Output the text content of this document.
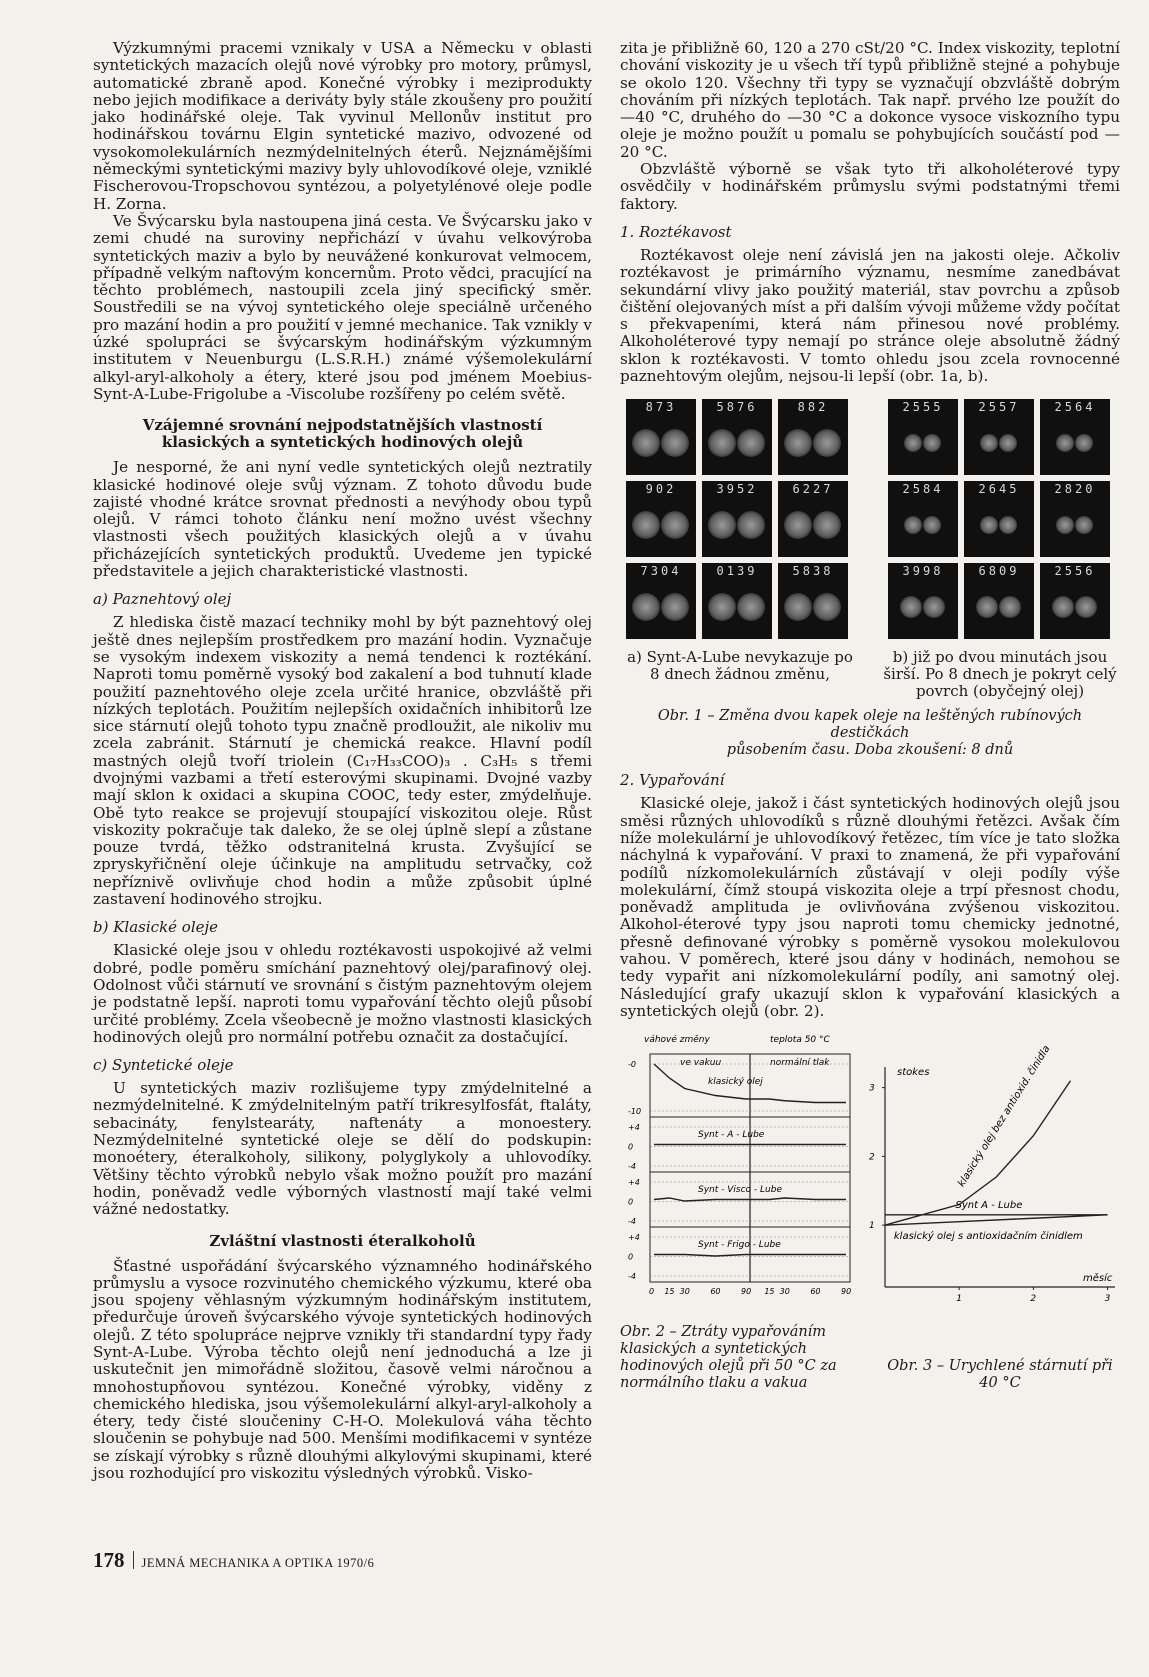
Výzkumnými pracemi vznikaly v USA a Německu v oblasti syntetických mazacích olejů nové výrobky pro motory, průmysl, automatické zbraně apod. Konečné výrobky i meziprodukty nebo jejich modifikace a deriváty byly stále zkoušeny pro použití jako hodinářské oleje. Tak vyvinul Mellonův institut pro hodinářskou továrnu Elgin syntetické mazivo, odvozené od vysokomolekulárních nezmýdelnitelných éterů. Nejznámějšími německými syntetickými mazivy byly uhlovodíkové oleje, vzniklé Fischerovou-Tropschovou syntézou, a polyetylénové oleje podle H. Zorna.

Ve Švýcarsku byla nastoupena jiná cesta. Ve Švýcarsku jako v zemi chudé na suroviny nepřichází v úvahu velkovýroba syntetických maziv a bylo by neuvážené konkurovat velmocem, případně velkým naftovým koncernům. Proto vědci, pracující na těchto problémech, nastoupili zcela jiný specifický směr. Soustředili se na vývoj syntetického oleje speciálně určeného pro mazání hodin a pro použití v jemné mechanice. Tak vznikly v úzké spolupráci se švýcarským hodinářským výzkumným institutem v Neuenburgu (L.S.R.H.) známé výšemolekulární alkyl-aryl-alkoholy a étery, které jsou pod jménem Moebius-Synt-A-Lube-Frigolube a -Viscolube rozšířeny po celém světě.

Vzájemné srovnání nejpodstatnějších vlastností
klasických a syntetických hodinových olejů

Je nesporné, že ani nyní vedle syntetických olejů neztratily klasické hodinové oleje svůj význam. Z tohoto důvodu bude zajisté vhodné krátce srovnat přednosti a nevýhody obou typů olejů. V rámci tohoto článku není možno uvést všechny vlastnosti všech použitých klasických olejů a v úvahu přicházejících syntetických produktů. Uvedeme jen typické představitele a jejich charakteristické vlastnosti.

a) Paznehtový olej

Z hlediska čistě mazací techniky mohl by být paznehtový olej ještě dnes nejlepším prostředkem pro mazání hodin. Vyznačuje se vysokým indexem viskozity a nemá tendenci k roztékání. Naproti tomu poměrně vysoký bod zakalení a bod tuhnutí klade použití paznehtového oleje zcela určité hranice, obzvláště při nízkých teplotách. Použitím nejlepších oxidačních inhibitorů lze sice stárnutí olejů tohoto typu značně prodloužit, ale nikoliv mu zcela zabránit. Stárnutí je chemická reakce. Hlavní podíl mastných olejů tvoří triolein (C₁₇H₃₃COO)₃ . C₃H₅ s třemi dvojnými vazbami a třetí esterovými skupinami. Dvojné vazby mají sklon k oxidaci a skupina COOC, tedy ester, zmýdelňuje. Obě tyto reakce se projevují stoupající viskozitou oleje. Růst viskozity pokračuje tak daleko, že se olej úplně slepí a zůstane pouze tvrdá, těžko odstranitelná krusta. Zvyšující se zpryskyřičnění oleje účinkuje na amplitudu setrvačky, což nepříznivě ovlivňuje chod hodin a může způsobit úplné zastavení hodinového strojku.

b) Klasické oleje

Klasické oleje jsou v ohledu roztékavosti uspokojivé až velmi dobré, podle poměru smíchání paznehtový olej/parafinový olej. Odolnost vůči stárnutí ve srovnání s čistým paznehtovým olejem je podstatně lepší. naproti tomu vypařování těchto olejů působí určité problémy. Zcela všeobecně je možno vlastnosti klasických hodinových olejů pro normální potřebu označit za dostačující.

c) Syntetické oleje

U syntetických maziv rozlišujeme typy zmýdelnitelné a nezmýdelnitelné. K zmýdelnitelným patří trikresylfosfát, ftaláty, sebacináty, fenylstearáty, naftenáty a monoestery. Nezmýdelnitelné syntetické oleje se dělí do podskupin: monoétery, éteralkoholy, silikony, polyglykoly a uhlovodíky. Většiny těchto výrobků nebylo však možno použít pro mazání hodin, poněvadž vedle výborných vlastností mají také velmi vážné nedostatky.

Zvláštní vlastnosti éteralkoholů

Šťastné uspořádání švýcarského významného hodinářského průmyslu a vysoce rozvinutého chemického výzkumu, které oba jsou spojeny věhlasným výzkumným hodinářským institutem, předurčuje úroveň švýcarského vývoje syntetických hodinových olejů. Z této spolupráce nejprve vznikly tři standardní typy řady Synt-A-Lube. Výroba těchto olejů není jednoduchá a lze ji uskutečnit jen mimořádně složitou, časově velmi náročnou a mnohostupňovou syntézou. Konečné výrobky, viděny z chemického hlediska, jsou výšemolekulární alkyl-aryl-alkoholy a étery, tedy čisté sloučeniny C-H-O. Molekulová váha těchto sloučenin se pohybuje nad 500. Menšími modifikacemi v syntéze se získají výrobky s různě dlouhými alkylovými skupinami, které jsou rozhodující pro viskozitu výsledných výrobků. Visko-

zita je přibližně 60, 120 a 270 cSt/20 °C. Index viskozity, teplotní chování viskozity je u všech tří typů přibližně stejné a pohybuje se okolo 120. Všechny tři typy se vyznačují obzvláště dobrým chováním při nízkých teplotách. Tak např. prvého lze použít do —40 °C, druhého do —30 °C a dokonce vysoce viskozního typu oleje je možno použít u pomalu se pohybujících součástí pod —20 °C.

Obzvláště výborně se však tyto tři alkoholéterové typy osvědčily v hodinářském průmyslu svými podstatnými třemi faktory.

1. Roztékavost

Roztékavost oleje není závislá jen na jakosti oleje. Ačkoliv roztékavost je primárního významu, nesmíme zanedbávat sekundární vlivy jako použitý materiál, stav povrchu a způsob čištění olejovaných míst a při dalším vývoji můžeme vždy počítat s překvapeními, která nám přinesou nové problémy. Alkoholéterové typy nemají po stránce oleje absolutně žádný sklon k roztékavosti. V tomto ohledu jsou zcela rovnocenné paznehtovým olejům, nejsou-li lepší (obr. 1a, b).

873	5876	882	2555	2557	2564
902	3952	6227	2584	2645	2820
7304	0139	5838	3998	6809	2556
a) Synt-A-Lube nevykazuje po 8 dnech žádnou změnu,
b) již po dvou minutách jsou širší. Po 8 dnech je pokryt celý povrch (obyčejný olej)
Obr. 1 – Změna dvou kapek oleje na leštěných rubínových destičkách
působením času. Doba zkoušení: 8 dnů
2. Vypařování

Klasické oleje, jakož i část syntetických hodinových olejů jsou směsi různých uhlovodíků s různě dlouhými řetězci. Avšak čím níže molekulární je uhlovodíkový řetězec, tím více je tato složka náchylná k vypařování. V praxi to znamená, že při vypařování podílů nízkomolekulárních zůstávají v oleji podíly výše molekulární, čímž stoupá viskozita oleje a trpí přesnost chodu, poněvadž amplituda je ovlivňována zvýšenou viskozitou. Alkohol-éterové typy jsou naproti tomu chemicky jednotné, přesně definované výrobky s poměrně vysokou molekulovou vahou. V poměrech, které jsou dány v hodinách, nemohou se tedy vypařit ani nízkomolekulární podíly, ani samotný olej. Následující grafy ukazují sklon k vypařování klasických a syntetických olejů (obr. 2).

váhové změny	teplota 50 °C
ve vakuu	normální tlak
-0
-10
klasický olej
+4
0
-4
Synt - A - Lube
+4
0
-4
Synt - Visco - Lube
+4
0
-4
Synt - Frigo - Lube
0 15 30	60	90 15 30	60	90
stokes
měsíc
3
2
1
1	2	3
klasický olej bez antioxid. činidla
Synt A - Lube
klasický olej s antioxidačním činidlem
Obr. 2 – Ztráty vypařováním klasických a syntetických hodinových olejů při 50 °C za normálního tlaku a vakua
Obr. 3 – Urychlené stárnutí při 40 °C
178 JEMNÁ MECHANIKA A OPTIKA 1970/6
